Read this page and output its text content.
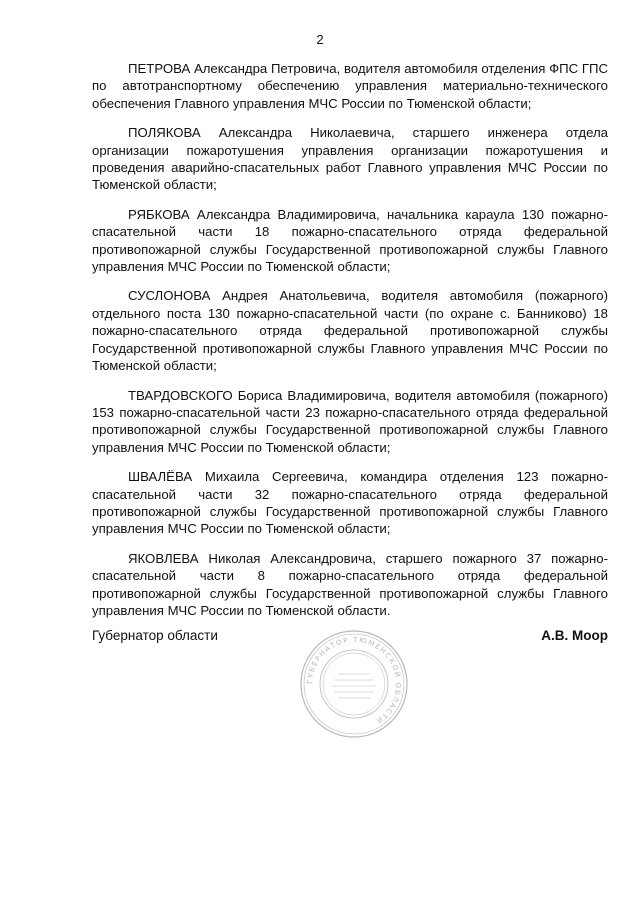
2

ПЕТРОВА Александра Петровича, водителя автомобиля отделения ФПС ГПС по автотранспортному обеспечению управления материально-технического обеспечения Главного управления МЧС России по Тюменской области;

ПОЛЯКОВА Александра Николаевича, старшего инженера отдела организации пожаротушения управления организации пожаротушения и проведения аварийно-спасательных работ Главного управления МЧС России по Тюменской области;

РЯБКОВА Александра Владимировича, начальника караула 130 пожарно-спасательной части 18 пожарно-спасательного отряда федеральной противопожарной службы Государственной противопожарной службы Главного управления МЧС России по Тюменской области;

СУСЛОНОВА Андрея Анатольевича, водителя автомобиля (пожарного) отдельного поста 130 пожарно-спасательной части (по охране с. Банниково) 18 пожарно-спасательного отряда федеральной противопожарной службы Государственной противопожарной службы Главного управления МЧС России по Тюменской области;

ТВАРДОВСКОГО Бориса Владимировича, водителя автомобиля (пожарного) 153 пожарно-спасательной части 23 пожарно-спасательного отряда федеральной противопожарной службы Государственной противопожарной службы Главного управления МЧС России по Тюменской области;

ШВАЛЁВА Михаила Сергеевича, командира отделения 123 пожарно-спасательной части 32 пожарно-спасательного отряда федеральной противопожарной службы Государственной противопожарной службы Главного управления МЧС России по Тюменской области;

ЯКОВЛЕВА Николая Александровича, старшего пожарного 37 пожарно-спасательной части 8 пожарно-спасательного отряда федеральной противопожарной службы Государственной противопожарной службы Главного управления МЧС России по Тюменской области.

Губернатор области	А.В. Моор
ГУБЕРНАТОР ТЮМЕНСКОЙ ОБЛАСТИ
